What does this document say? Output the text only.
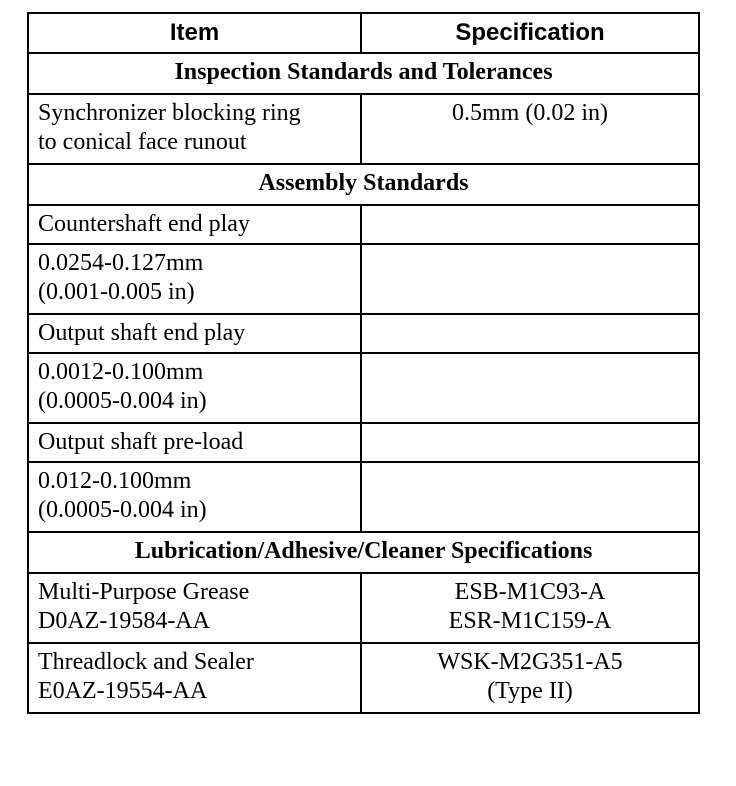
Item	Specification
Inspection Standards and Tolerances	

Synchronizer blocking ring
to conical face runout	0.5mm (0.02 in)

Assembly Standards	

Countershaft end play	

0.0254-0.127mm
(0.001-0.005 in)	

Output shaft end play	

0.0012-0.100mm
(0.0005-0.004 in)	

Output shaft pre-load	

0.012-0.100mm
(0.0005-0.004 in)	

Lubrication/Adhesive/Cleaner Specifications	

Multi-Purpose Grease
D0AZ-19584-AA	ESB-M1C93-A
ESR-M1C159-A

Threadlock and Sealer
E0AZ-19554-AA	WSK-M2G351-A5
(Type II)
